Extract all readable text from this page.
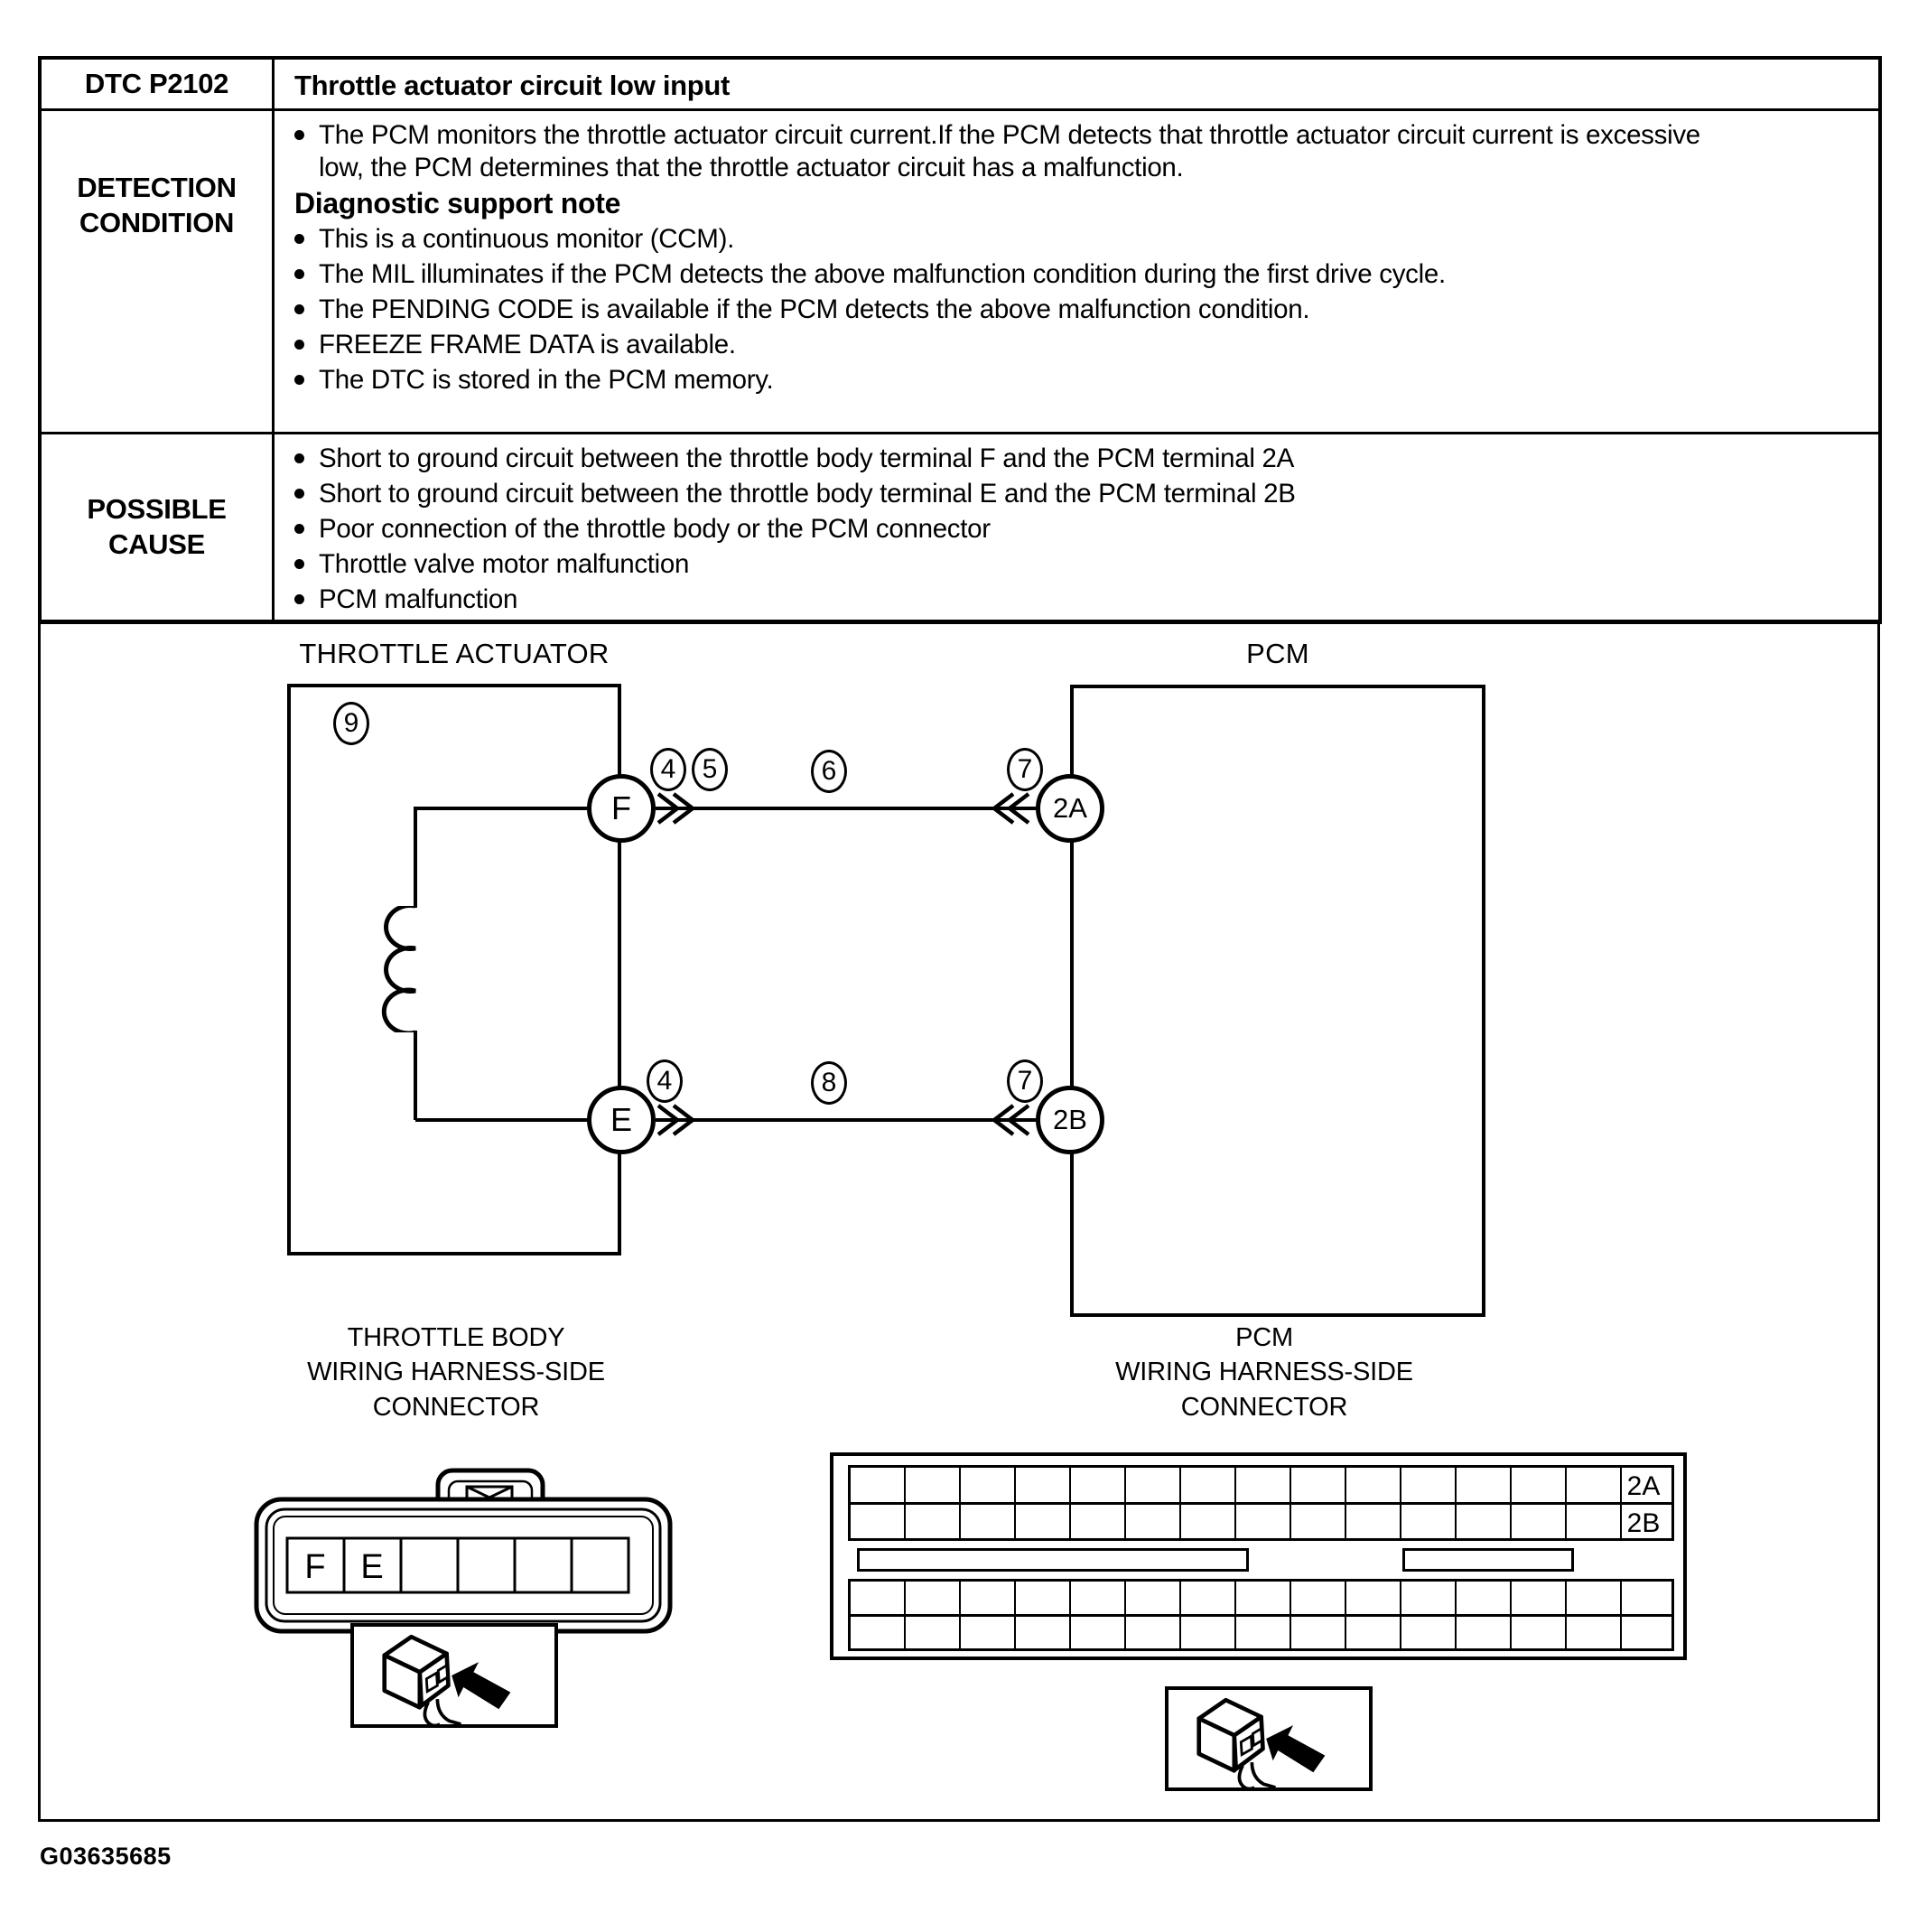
DTC P2102 Throttle actuator circuit low input
DETECTION
CONDITION
The PCM monitors the throttle actuator circuit current.If the PCM detects that throttle actuator circuit current is excessive low, the PCM determines that the throttle actuator circuit has a malfunction.
Diagnostic support note
This is a continuous monitor (CCM).
The MIL illuminates if the PCM detects the above malfunction condition during the first drive cycle.
The PENDING CODE is available if the PCM detects the above malfunction condition.
FREEZE FRAME DATA is available.
The DTC is stored in the PCM memory.
POSSIBLE
CAUSE
Short to ground circuit between the throttle body terminal F and the PCM terminal 2A
Short to ground circuit between the throttle body terminal E and the PCM terminal 2B
Poor connection of the throttle body or the PCM connector
Throttle valve motor malfunction
PCM malfunction
THROTTLE ACTUATOR	PCM
F
E
2A
2B
9
4 5	6	7
4	8	7
THROTTLE BODY
WIRING HARNESS-SIDE
CONNECTOR
F E
PCM
WIRING HARNESS-SIDE
CONNECTOR
2A
2B
G03635685
